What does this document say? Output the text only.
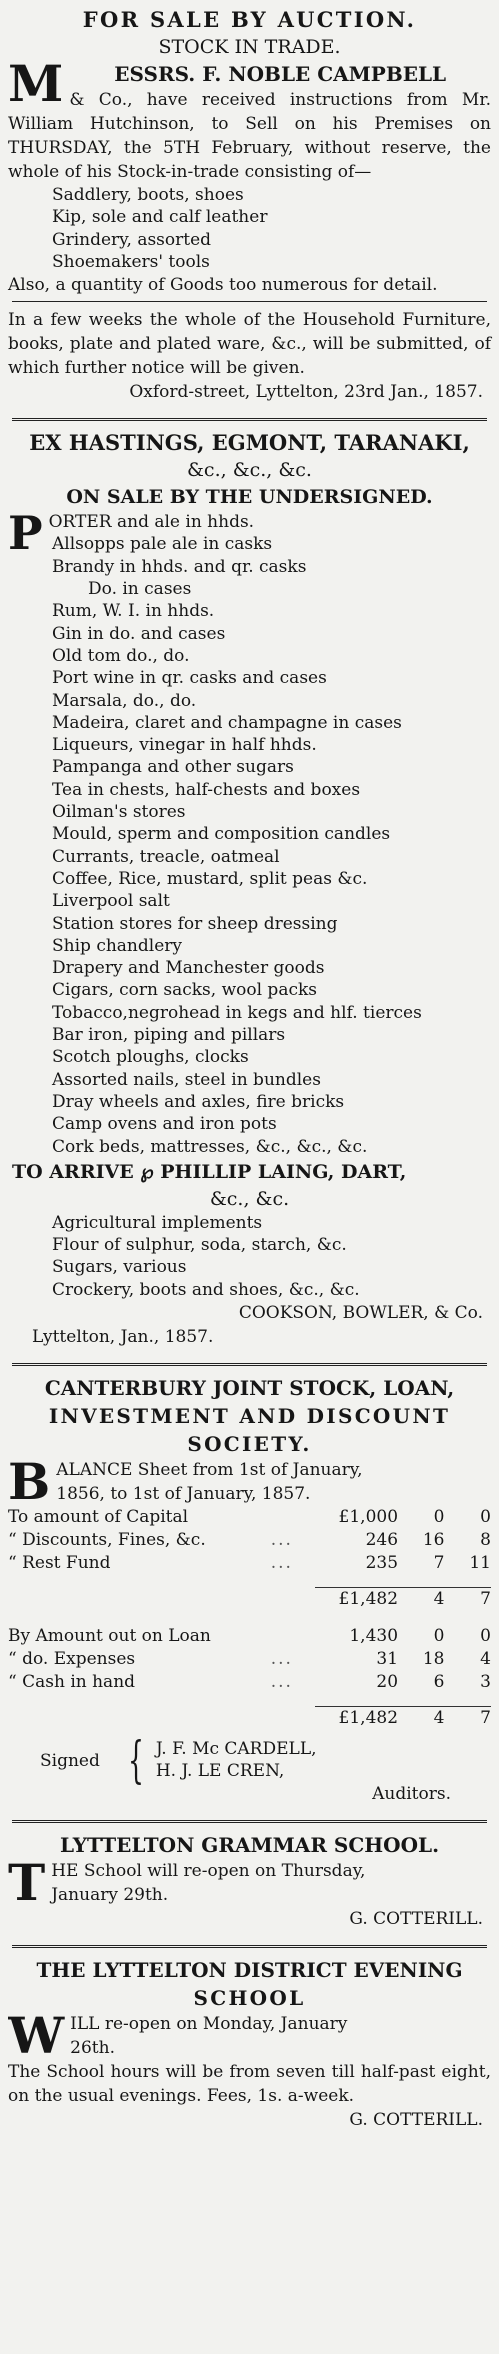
FOR SALE BY AUCTION.
STOCK IN TRADE.
M	ESSRS. F. NOBLE CAMPBELL
& Co., have received instructions from Mr. William Hutchinson, to Sell on his Premises on THURSDAY, the 5TH February, without reserve, the whole of his Stock-in-trade consisting of—
Saddlery, boots, shoes
Kip, sole and calf leather
Grindery, assorted
Shoemakers' tools
Also, a quantity of Goods too numerous for detail.
In a few weeks the whole of the Household Furniture, books, plate and plated ware, &c., will be submitted, of which further notice will be given.
Oxford-street, Lyttelton, 23rd Jan., 1857.
EX HASTINGS, EGMONT, TARANAKI,
&c., &c., &c.
ON SALE BY THE UNDERSIGNED.
PORTER and ale in hhds.
Allsopps pale ale in casks
Brandy in hhds. and qr. casks
Do. in cases
Rum, W. I. in hhds.
Gin in do. and cases
Old tom do., do.
Port wine in qr. casks and cases
Marsala, do., do.
Madeira, claret and champagne in cases
Liqueurs, vinegar in half hhds.
Pampanga and other sugars
Tea in chests, half-chests and boxes
Oilman's stores
Mould, sperm and composition candles
Currants, treacle, oatmeal
Coffee, Rice, mustard, split peas &c.
Liverpool salt
Station stores for sheep dressing
Ship chandlery
Drapery and Manchester goods
Cigars, corn sacks, wool packs
Tobacco,negrohead in kegs and hlf. tierces
Bar iron, piping and pillars
Scotch ploughs, clocks
Assorted nails, steel in bundles
Dray wheels and axles, fire bricks
Camp ovens and iron pots
Cork beds, mattresses, &c., &c., &c.
TO ARRIVE ℘ PHILLIP LAING, DART,
&c., &c.
Agricultural implements
Flour of sulphur, soda, starch, &c.
Sugars, various
Crockery, boots and shoes, &c., &c.
COOKSON, BOWLER, & Co.
Lyttelton, Jan., 1857.
CANTERBURY JOINT STOCK, LOAN,
INVESTMENT AND DISCOUNT
SOCIETY.
B ALANCE Sheet from 1st of January,
1856, to 1st of January, 1857.
To amount of Capital		£1,000	0	0
“ Discounts, Fines, &c.	...	246	16	8
“ Rest Fund	...	235	7	11

		£1,482	4	7

By Amount out on Loan		1,430	0	0
“ do. Expenses	...	31	18	4
“ Cash in hand	...	20	6	3

		£1,482	4	7
Signed { J. F. Mc CARDELL,
H. J. LE CREN,
Auditors.
LYTTELTON GRAMMAR SCHOOL.
T HE School will re-open on Thursday,
January 29th.
G. COTTERILL.
THE LYTTELTON DISTRICT EVENING
SCHOOL
W ILL re-open on Monday, January
26th.
The School hours will be from seven till half-past eight, on the usual evenings. Fees, 1s. a-week.
G. COTTERILL.
